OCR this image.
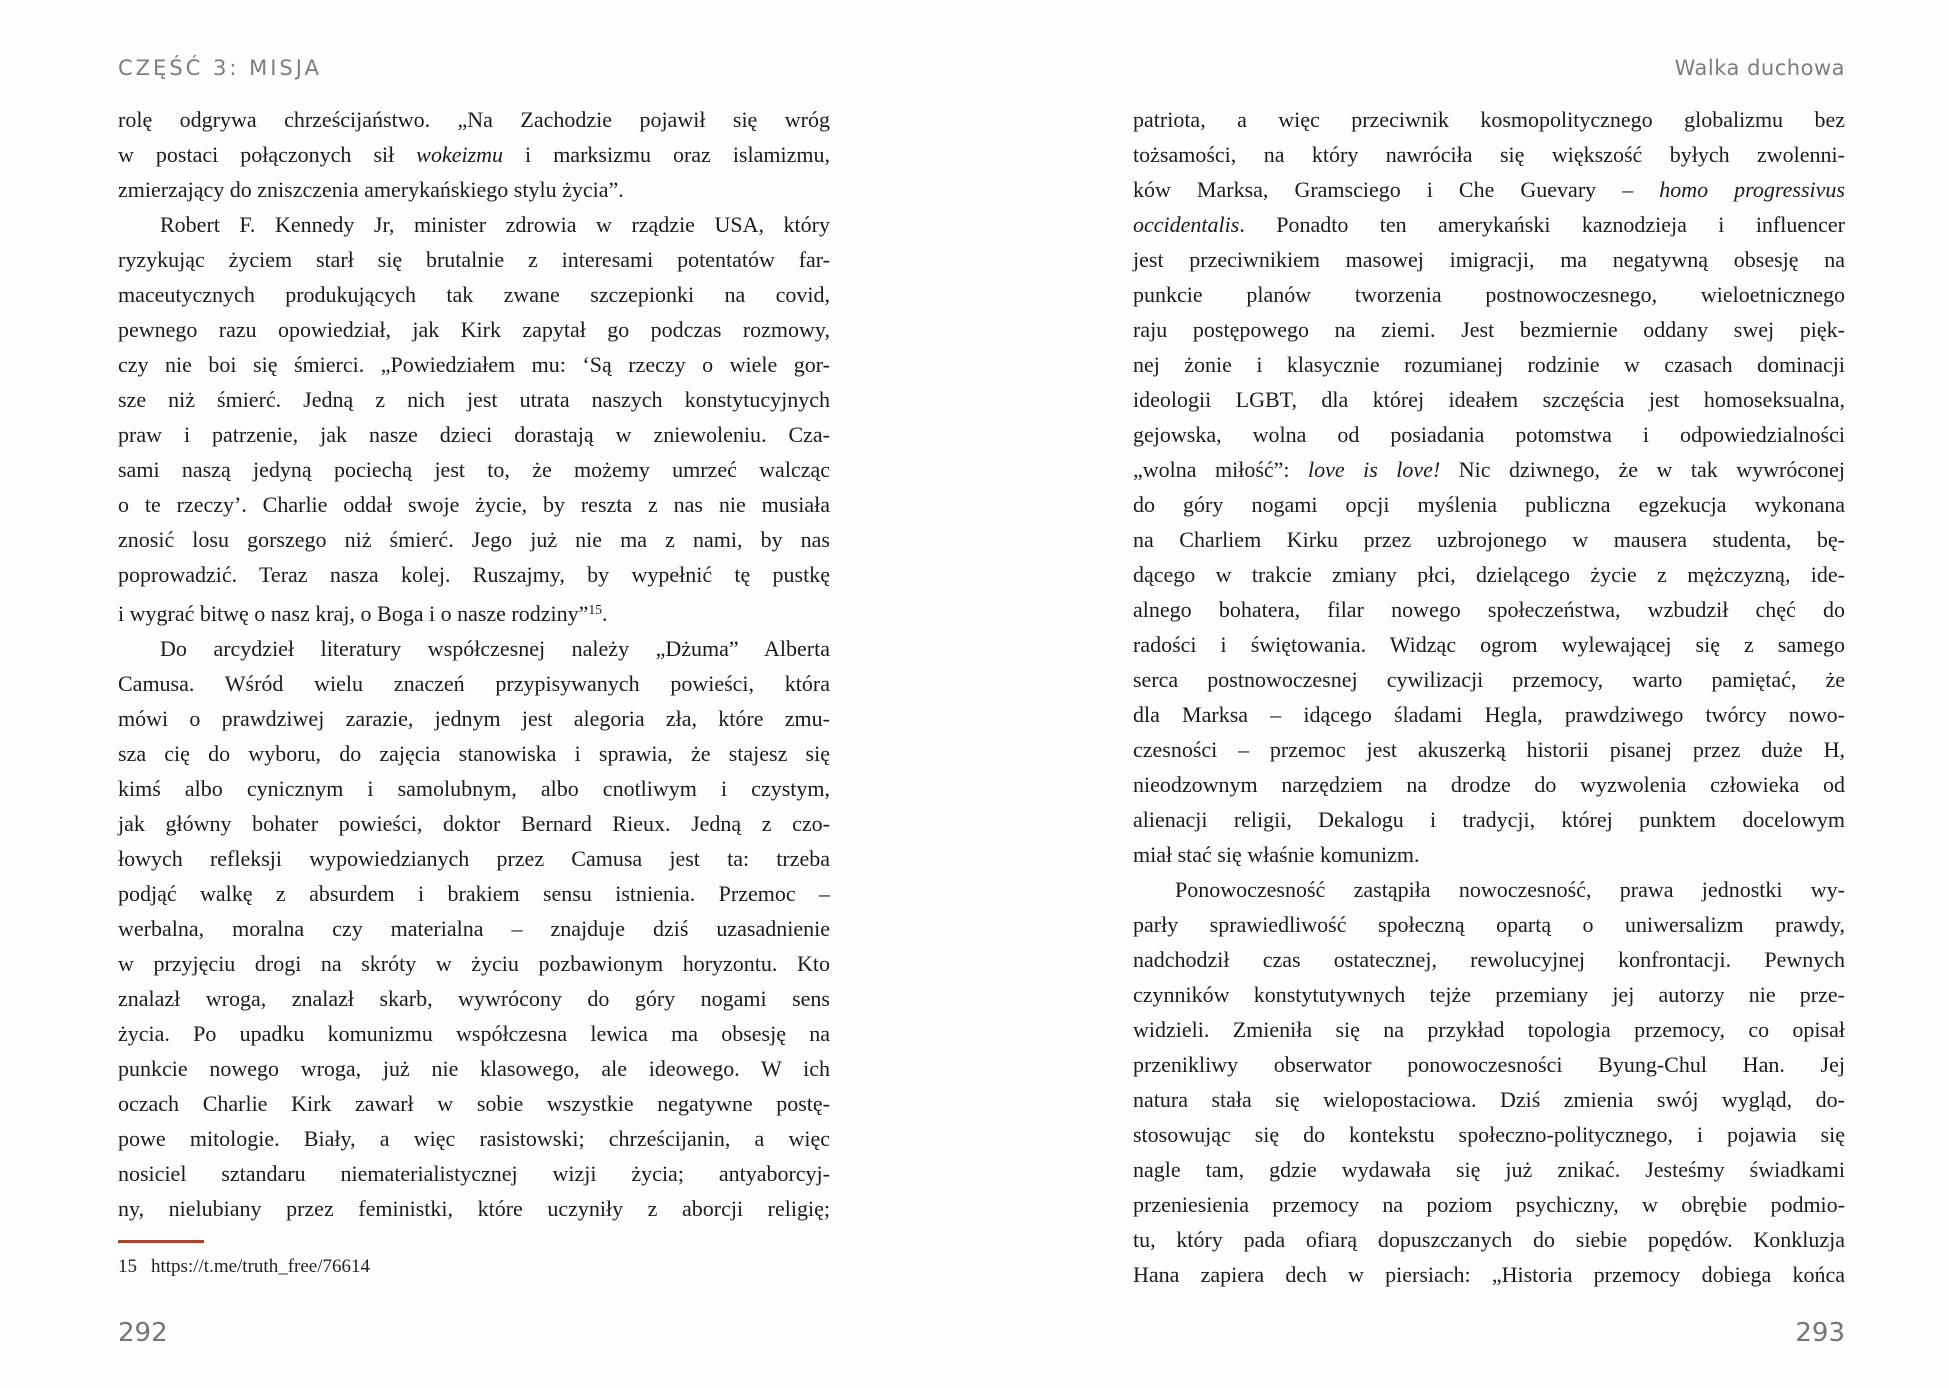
CZĘŚĆ 3: MISJA
rolę odgrywa chrześcijaństwo. „Na Zachodzie pojawił się wróg
w postaci połączonych sił wokeizmu i marksizmu oraz islamizmu,
zmierzający do zniszczenia amerykańskiego stylu życia”.
Robert F. Kennedy Jr, minister zdrowia w rządzie USA, który
ryzykując życiem starł się brutalnie z interesami potentatów far-
maceutycznych produkujących tak zwane szczepionki na covid,
pewnego razu opowiedział, jak Kirk zapytał go podczas rozmowy,
czy nie boi się śmierci. „Powiedziałem mu: ‘Są rzeczy o wiele gor-
sze niż śmierć. Jedną z nich jest utrata naszych konstytucyjnych
praw i patrzenie, jak nasze dzieci dorastają w zniewoleniu. Cza-
sami naszą jedyną pociechą jest to, że możemy umrzeć walcząc
o te rzeczy’. Charlie oddał swoje życie, by reszta z nas nie musiała
znosić losu gorszego niż śmierć. Jego już nie ma z nami, by nas
poprowadzić. Teraz nasza kolej. Ruszajmy, by wypełnić tę pustkę
i wygrać bitwę o nasz kraj, o Boga i o nasze rodziny”$^{15}$.
Do arcydzieł literatury współczesnej należy „Dżuma” Alberta
Camusa. Wśród wielu znaczeń przypisywanych powieści, która
mówi o prawdziwej zarazie, jednym jest alegoria zła, które zmu-
sza cię do wyboru, do zajęcia stanowiska i sprawia, że stajesz się
kimś albo cynicznym i samolubnym, albo cnotliwym i czystym,
jak główny bohater powieści, doktor Bernard Rieux. Jedną z czo-
łowych refleksji wypowiedzianych przez Camusa jest ta: trzeba
podjąć walkę z absurdem i brakiem sensu istnienia. Przemoc –
werbalna, moralna czy materialna – znajduje dziś uzasadnienie
w przyjęciu drogi na skróty w życiu pozbawionym horyzontu. Kto
znalazł wroga, znalazł skarb, wywrócony do góry nogami sens
życia. Po upadku komunizmu współczesna lewica ma obsesję na
punkcie nowego wroga, już nie klasowego, ale ideowego. W ich
oczach Charlie Kirk zawarł w sobie wszystkie negatywne postę-
powe mitologie. Biały, a więc rasistowski; chrześcijanin, a więc
nosiciel sztandaru niematerialistycznej wizji życia; antyaborcyj-
ny, nielubiany przez feministki, które uczyniły z aborcji religię;
15 https://t.me/truth_free/76614
292
Walka duchowa
patriota, a więc przeciwnik kosmopolitycznego globalizmu bez
tożsamości, na który nawróciła się większość byłych zwolenni-
ków Marksa, Gramsciego i Che Guevary – homo progressivus
occidentalis. Ponadto ten amerykański kaznodzieja i influencer
jest przeciwnikiem masowej imigracji, ma negatywną obsesję na
punkcie planów tworzenia postnowoczesnego, wieloetnicznego
raju postępowego na ziemi. Jest bezmiernie oddany swej pięk-
nej żonie i klasycznie rozumianej rodzinie w czasach dominacji
ideologii LGBT, dla której ideałem szczęścia jest homoseksualna,
gejowska, wolna od posiadania potomstwa i odpowiedzialności
„wolna miłość”: love is love! Nic dziwnego, że w tak wywróconej
do góry nogami opcji myślenia publiczna egzekucja wykonana
na Charliem Kirku przez uzbrojonego w mausera studenta, bę-
dącego w trakcie zmiany płci, dzielącego życie z mężczyzną, ide-
alnego bohatera, filar nowego społeczeństwa, wzbudził chęć do
radości i świętowania. Widząc ogrom wylewającej się z samego
serca postnowoczesnej cywilizacji przemocy, warto pamiętać, że
dla Marksa – idącego śladami Hegla, prawdziwego twórcy nowo-
czesności – przemoc jest akuszerką historii pisanej przez duże H,
nieodzownym narzędziem na drodze do wyzwolenia człowieka od
alienacji religii, Dekalogu i tradycji, której punktem docelowym
miał stać się właśnie komunizm.
Ponowoczesność zastąpiła nowoczesność, prawa jednostki wy-
parły sprawiedliwość społeczną opartą o uniwersalizm prawdy,
nadchodził czas ostatecznej, rewolucyjnej konfrontacji. Pewnych
czynników konstytutywnych tejże przemiany jej autorzy nie prze-
widzieli. Zmieniła się na przykład topologia przemocy, co opisał
przenikliwy obserwator ponowoczesności Byung-Chul Han. Jej
natura stała się wielopostaciowa. Dziś zmienia swój wygląd, do-
stosowując się do kontekstu społeczno-politycznego, i pojawia się
nagle tam, gdzie wydawała się już znikać. Jesteśmy świadkami
przeniesienia przemocy na poziom psychiczny, w obrębie podmio-
tu, który pada ofiarą dopuszczanych do siebie popędów. Konkluzja
Hana zapiera dech w piersiach: „Historia przemocy dobiega końca
293
